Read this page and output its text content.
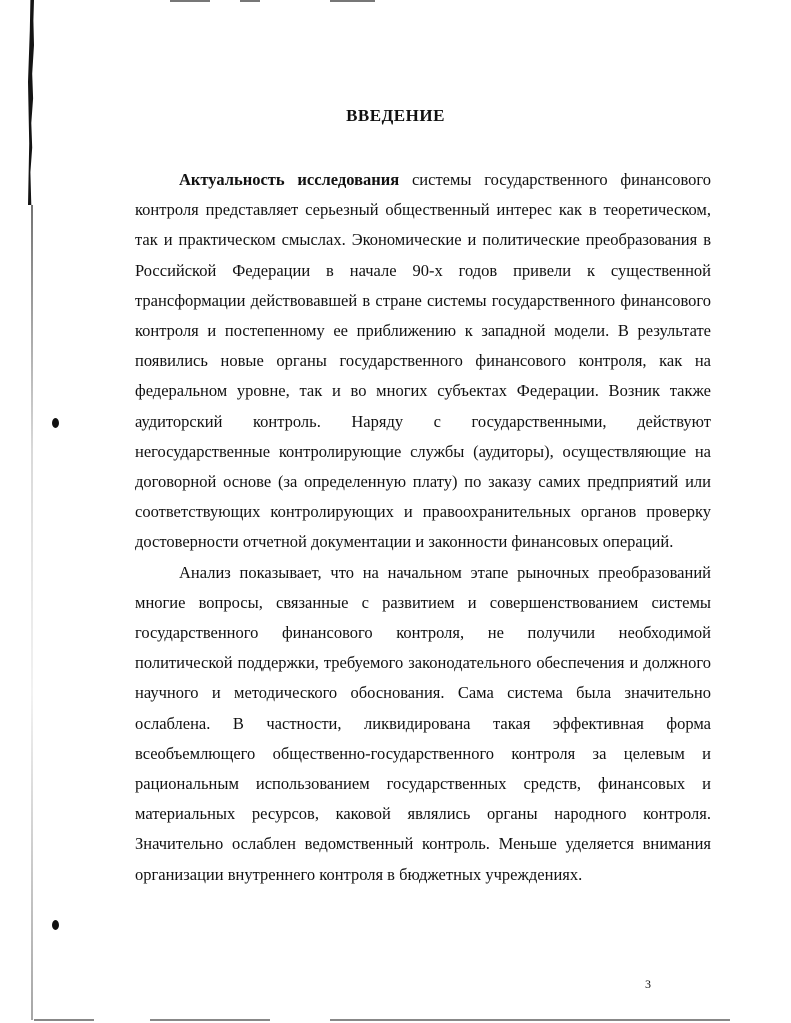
ВВЕДЕНИЕ

Актуальность исследования системы государственного финансового контроля представляет серьезный общественный интерес как в теоретическом, так и практическом смыслах. Экономические и политические преобразования в Российской Федерации в начале 90-х годов привели к существенной трансформации действовавшей в стране системы государственного финансового контроля и постепенному ее приближению к западной модели. В результате появились новые органы государственного финансового контроля, как на федеральном уровне, так и во многих субъектах Федерации. Возник также аудиторский контроль. Наряду с государственными, действуют негосударственные контролирующие службы (аудиторы), осуществляющие на договорной основе (за определенную плату) по заказу самих предприятий или соответствующих контролирующих и правоохранительных органов проверку достоверности отчетной документации и законности финансовых операций.

Анализ показывает, что на начальном этапе рыночных преобразований многие вопросы, связанные с развитием и совершенствованием системы государственного финансового контроля, не получили необходимой политической поддержки, требуемого законодательного обеспечения и должного научного и методического обоснования. Сама система была значительно ослаблена. В частности, ликвидирована такая эффективная форма всеобъемлющего общественно-государственного контроля за целевым и рациональным использованием государственных средств, финансовых и материальных ресурсов, каковой являлись органы народного контроля. Значительно ослаблен ведомственный контроль. Меньше уделяется внимания организации внутреннего контроля в бюджетных учреждениях.

3
